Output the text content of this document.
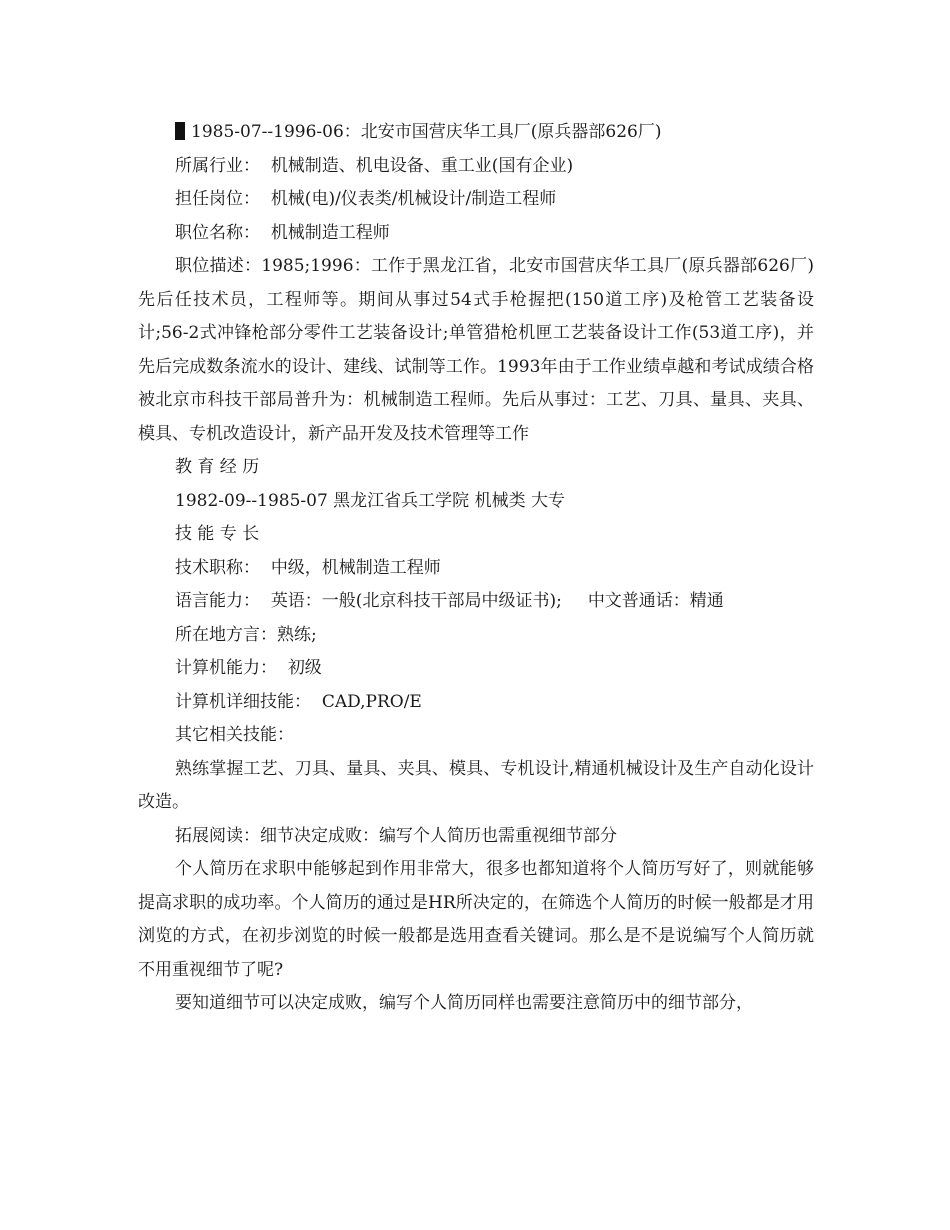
1985-07--1996-06：北安市国营庆华工具厂(原兵器部626厂)

所属行业： 机械制造、机电设备、重工业(国有企业)

担任岗位： 机械(电)/仪表类/机械设计/制造工程师

职位名称： 机械制造工程师

职位描述：1985;1996：工作于黑龙江省，北安市国营庆华工具厂(原兵器部626厂)先后任技术员，工程师等。期间从事过54式手枪握把(150道工序)及枪管工艺装备设计;56-2式冲锋枪部分零件工艺装备设计;单管猎枪机匣工艺装备设计工作(53道工序)，并先后完成数条流水的设计、建线、试制等工作。1993年由于工作业绩卓越和考试成绩合格被北京市科技干部局普升为：机械制造工程师。先后从事过：工艺、刀具、量具、夹具、模具、专机改造设计，新产品开发及技术管理等工作

教 育 经 历

1982-09--1985-07 黑龙江省兵工学院 机械类 大专

技 能 专 长

技术职称： 中级，机械制造工程师

语言能力： 英语：一般(北京科技干部局中级证书); 中文普通话：精通

所在地方言：熟练;

计算机能力： 初级

计算机详细技能： CAD,PRO/E

其它相关技能：

熟练掌握工艺、刀具、量具、夹具、模具、专机设计,精通机械设计及生产自动化设计改造。

拓展阅读：细节决定成败：编写个人简历也需重视细节部分

个人简历在求职中能够起到作用非常大，很多也都知道将个人简历写好了，则就能够提高求职的成功率。个人简历的通过是HR所决定的，在筛选个人简历的时候一般都是才用浏览的方式，在初步浏览的时候一般都是选用查看关键词。那么是不是说编写个人简历就不用重视细节了呢?

要知道细节可以决定成败，编写个人简历同样也需要注意简历中的细节部分，
